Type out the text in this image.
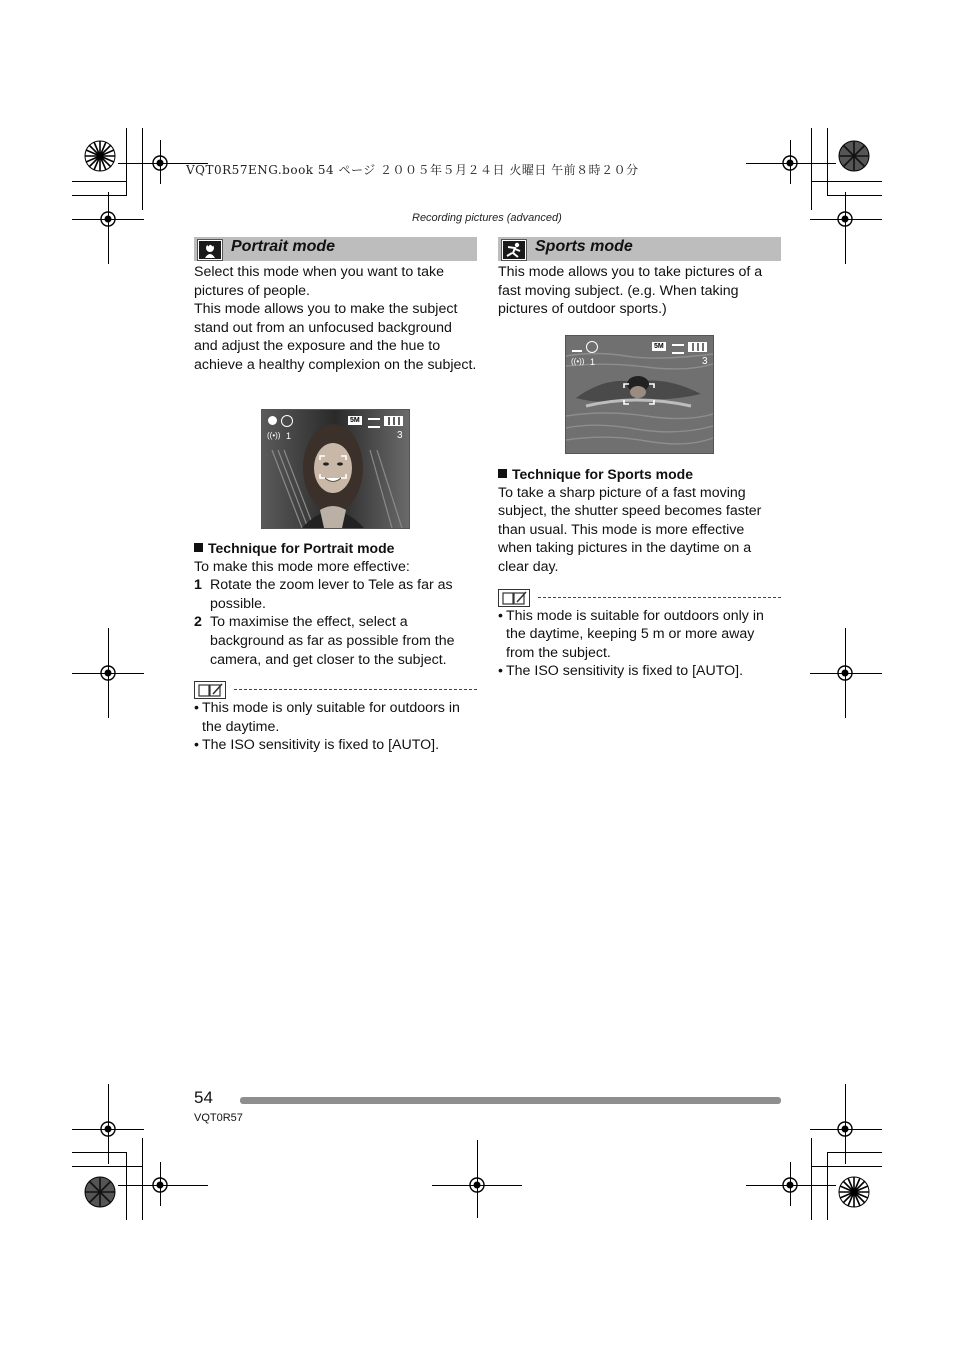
VQT0R57ENG.book 54 ページ ２００５年５月２４日 火曜日 午前８時２０分
Recording pictures (advanced)
Portrait mode

Select this mode when you want to take pictures of people.

This mode allows you to make the subject stand out from an unfocused background and adjust the exposure and the hue to achieve a healthy complexion on the subject.

5M
((•)) 1	3
Technique for Portrait mode

To make this mode more effective:

1 Rotate the zoom lever to Tele as far as possible.
2 To maximise the effect, select a background as far as possible from the camera, and get closer to the subject.
• This mode is only suitable for outdoors in the daytime.
• The ISO sensitivity is fixed to [AUTO].
Sports mode

This mode allows you to take pictures of a fast moving subject. (e.g. When taking pictures of outdoor sports.)

5M
((•)) 1	3
Technique for Sports mode

To take a sharp picture of a fast moving subject, the shutter speed becomes faster than usual. This mode is more effective when taking pictures in the daytime on a clear day.

• This mode is suitable for outdoors only in the daytime, keeping 5 m or more away from the subject.
• The ISO sensitivity is fixed to [AUTO].
54
VQT0R57
